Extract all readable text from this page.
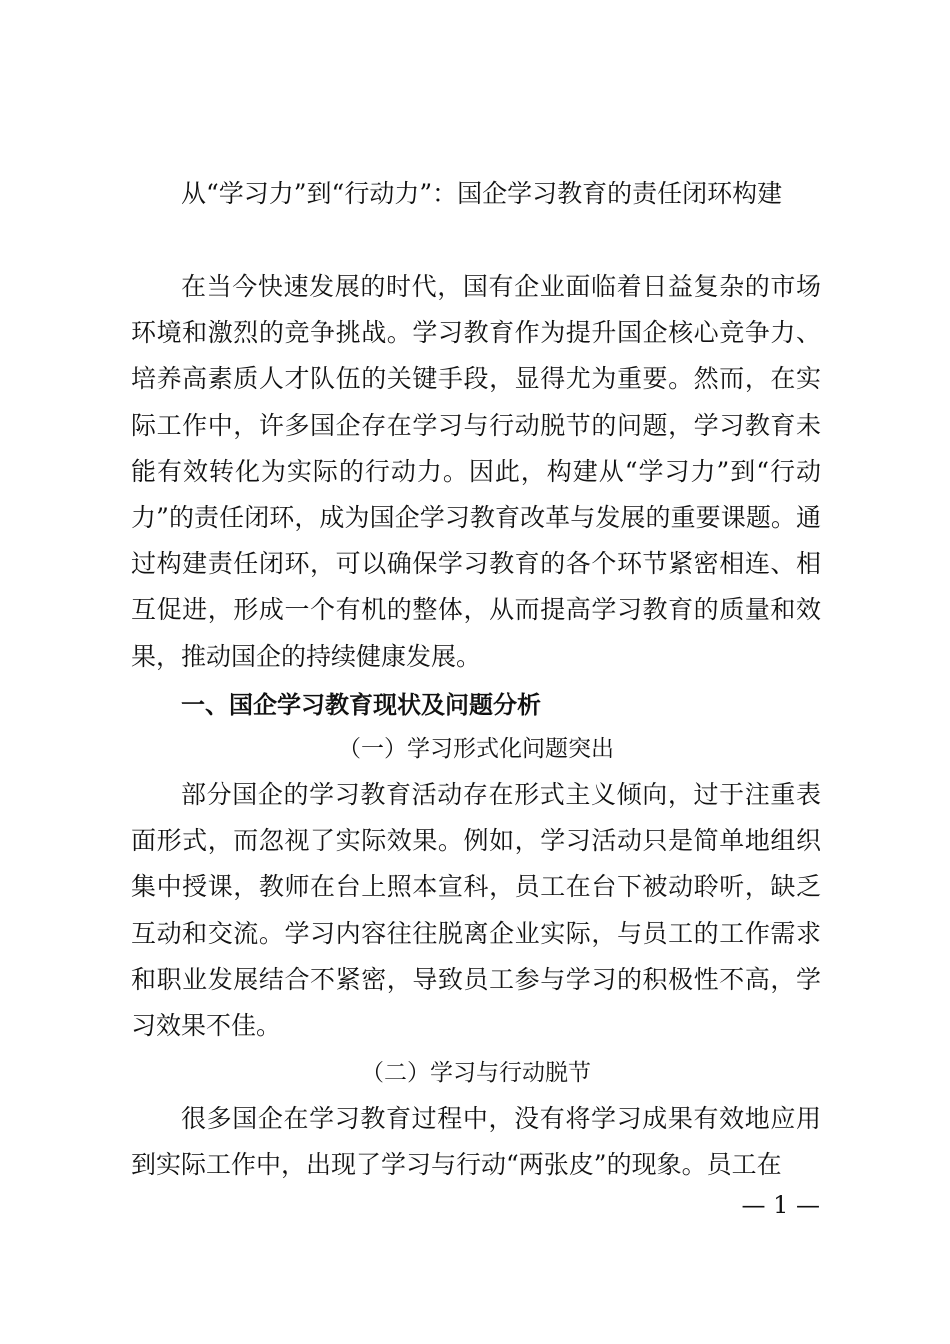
从“学习力”到“行动力”：国企学习教育的责任闭环构建
在当今快速发展的时代，国有企业面临着日益复杂的市场环境和激烈的竞争挑战。学习教育作为提升国企核心竞争力、培养高素质人才队伍的关键手段，显得尤为重要。然而，在实际工作中，许多国企存在学习与行动脱节的问题，学习教育未能有效转化为实际的行动力。因此，构建从“学习力”到“行动力”的责任闭环，成为国企学习教育改革与发展的重要课题。通过构建责任闭环，可以确保学习教育的各个环节紧密相连、相互促进，形成一个有机的整体，从而提高学习教育的质量和效果，推动国企的持续健康发展。
一、国企学习教育现状及问题分析
（一）学习形式化问题突出
部分国企的学习教育活动存在形式主义倾向，过于注重表面形式，而忽视了实际效果。例如，学习活动只是简单地组织集中授课，教师在台上照本宣科，员工在台下被动聆听，缺乏互动和交流。学习内容往往脱离企业实际，与员工的工作需求和职业发展结合不紧密，导致员工参与学习的积极性不高，学习效果不佳。
（二）学习与行动脱节
很多国企在学习教育过程中，没有将学习成果有效地应用到实际工作中，出现了学习与行动“两张皮”的现象。员工在
— 1 —
